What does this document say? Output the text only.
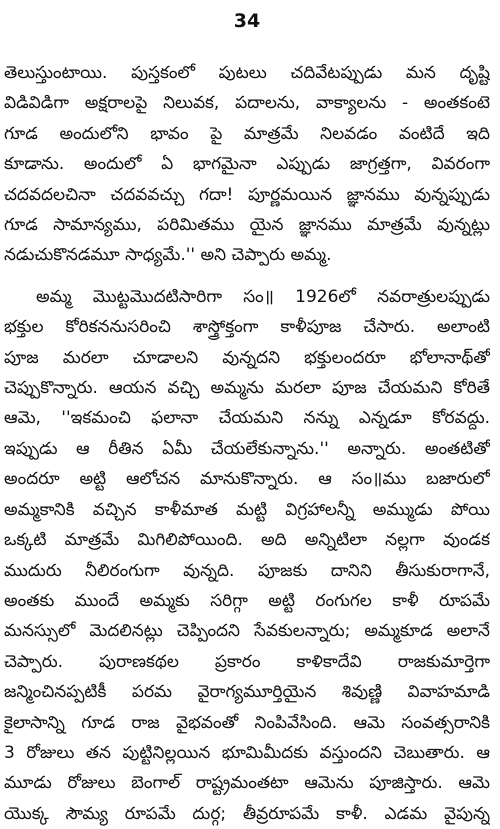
34
తెలుస్తుంటాయి. పుస్తకంలో పుటలు చదివేటప్పుడు మన దృష్టి
విడివిడిగా అక్షరాలపై నిలువక, పదాలను, వాక్యాలను - అంతకంటె
గూడ అందులోని భావం పై మాత్రమే నిలవడం వంటిదే ఇది
కూడాను. అందులో ఏ భాగమైనా ఎప్పుడు జాగ్రత్తగా, వివరంగా
చదవదలచినా చదవవచ్చు గదా! పూర్ణమయిన జ్ఞానము వున్నప్పుడు
గూడ సామాన్యము, పరిమితము యైన జ్ఞానము మాత్రమే వున్నట్లు
నడుచుకొనడమూ సాధ్యమే.'' అని చెప్పారు అమ్మ.
అమ్మ మొట్టమొదటిసారిగా సం॥ 1926లో నవరాత్రులప్పుడు
భక్తుల కోరికననుసరించి శాస్త్రోక్తంగా కాళీపూజ చేసారు. అలాంటి
పూజ మరలా చూడాలని వున్నదని భక్తులందరూ భోలానాథ్‌తో
చెప్పుకొన్నారు. ఆయన వచ్చి అమ్మను మరలా పూజ చేయమని కోరితే
ఆమె, ''ఇకమంచి ఫలానా చేయమని నన్ను ఎన్నడూ కోరవద్దు.
ఇప్పుడు ఆ రీతిన ఏమీ చేయలేకున్నాను.'' అన్నారు. అంతటితో
అందరూ అట్టి ఆలోచన మానుకొన్నారు. ఆ సం॥ము బజారులో
అమ్మకానికి వచ్చిన కాళీమాత మట్టి విగ్రహాలన్నీ అమ్ముడు పోయి
ఒక్కటి మాత్రమే మిగిలిపోయింది. అది అన్నిటిలా నల్లగా వుండక
ముదురు నీలిరంగుగా వున్నది. పూజకు దానిని తీసుకురాగానే,
అంతకు ముందే అమ్మకు సరిగ్గా అట్టి రంగుగల కాళీ రూపమే
మనస్సులో మెదలినట్లు చెప్పిందని సేవకులన్నారు; అమ్మకూడ అలానే
చెప్పారు. పురాణకథల ప్రకారం కాళికాదేవి రాజకుమార్తెగా
జన్మించినప్పటికీ పరమ వైరాగ్యమూర్తియైన శివుణ్ణి వివాహమాడి
కైలాసాన్ని గూడ రాజ వైభవంతో నింపివేసింది. ఆమె సంవత్సరానికి
3 రోజులు తన పుట్టినిల్లయిన భూమిమీదకు వస్తుందని చెబుతారు. ఆ
మూడు రోజులు బెంగాల్ రాష్ట్రమంతటా ఆమెను పూజిస్తారు. ఆమె
యొక్క సౌమ్య రూపమే దుర్గ; తీవ్రరూపమే కాళీ. ఎడమ వైపున్న
